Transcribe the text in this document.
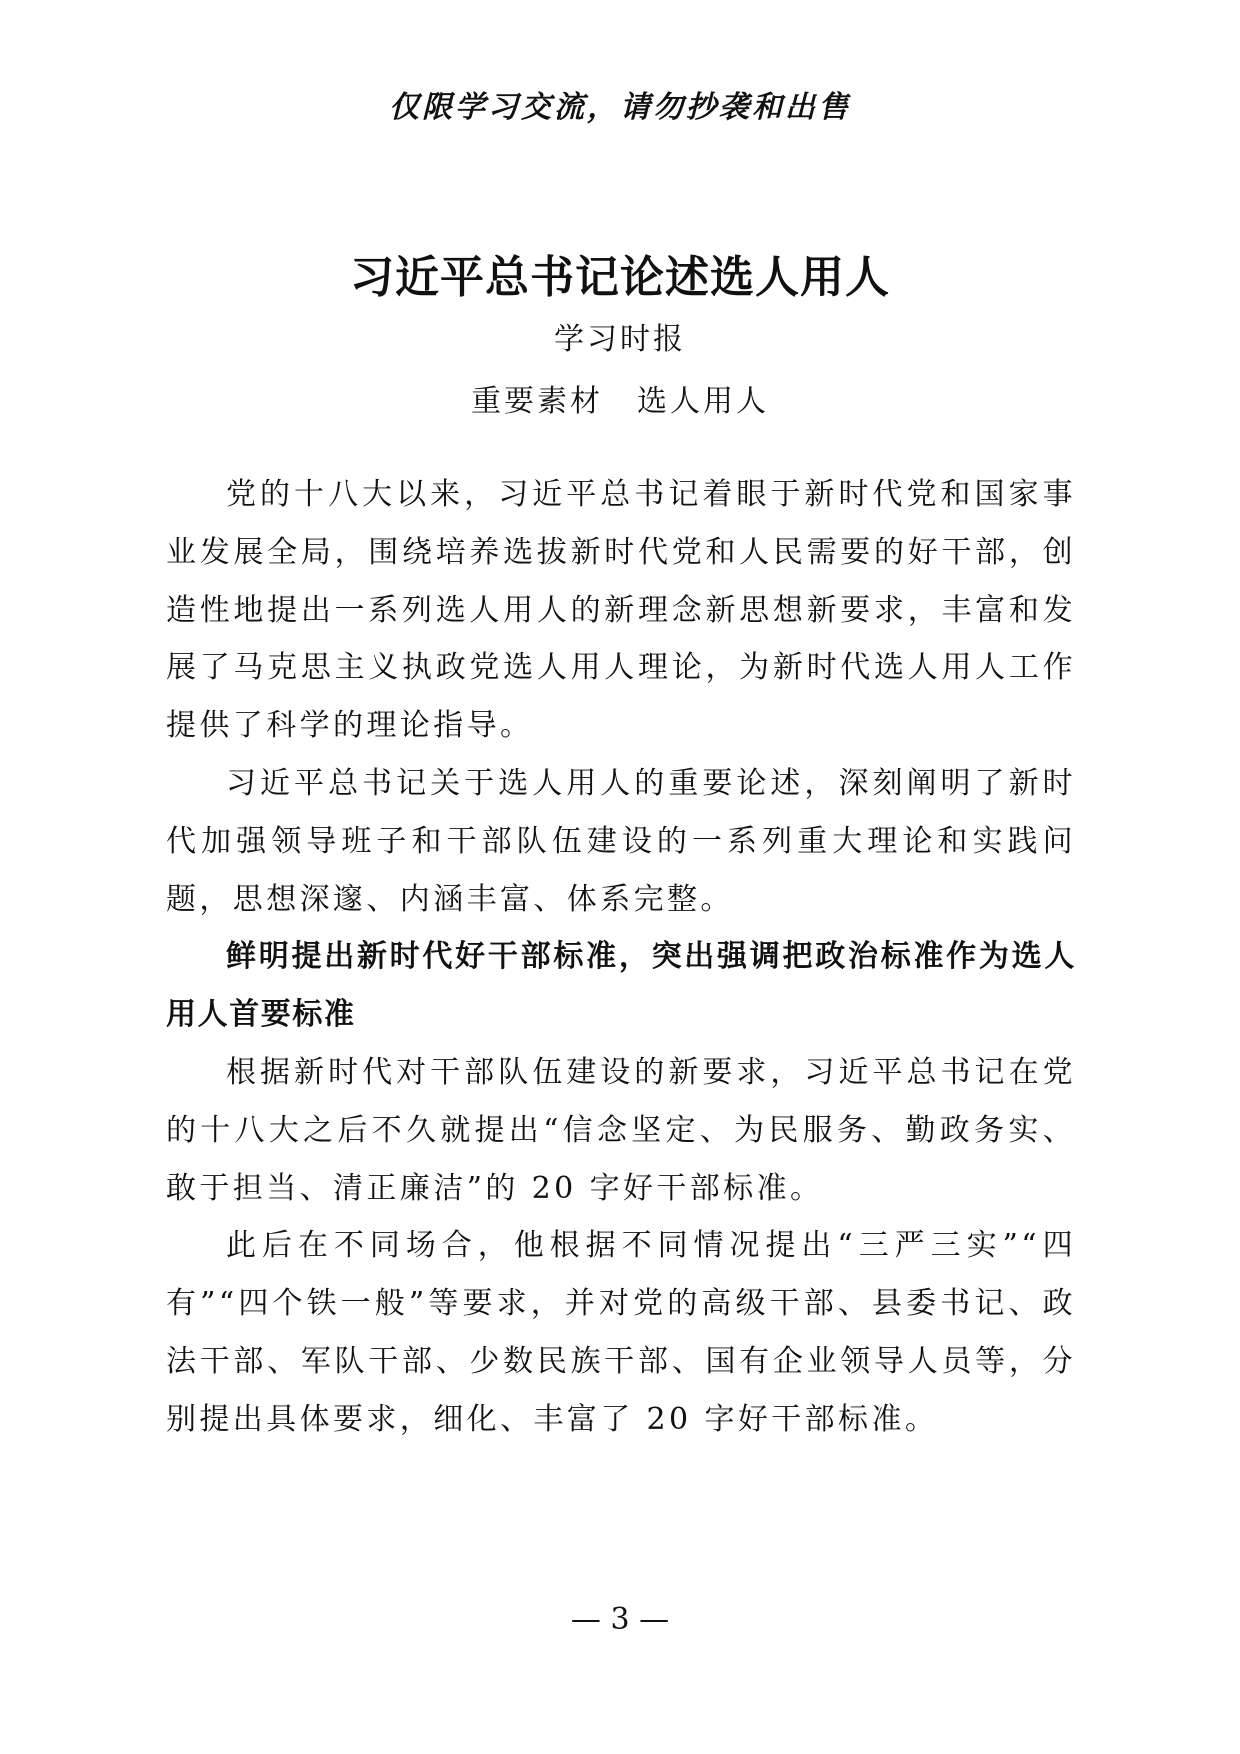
仅限学习交流，请勿抄袭和出售
习近平总书记论述选人用人
学习时报
重要素材 选人用人

党的十八大以来，习近平总书记着眼于新时代党和国家事业发展全局，围绕培养选拔新时代党和人民需要的好干部，创造性地提出一系列选人用人的新理念新思想新要求，丰富和发展了马克思主义执政党选人用人理论，为新时代选人用人工作提供了科学的理论指导。

习近平总书记关于选人用人的重要论述，深刻阐明了新时代加强领导班子和干部队伍建设的一系列重大理论和实践问题，思想深邃、内涵丰富、体系完整。

鲜明提出新时代好干部标准，突出强调把政治标准作为选人用人首要标准

根据新时代对干部队伍建设的新要求，习近平总书记在党的十八大之后不久就提出“信念坚定、为民服务、勤政务实、敢于担当、清正廉洁”的 20 字好干部标准。

此后在不同场合，他根据不同情况提出“三严三实”“四有”“四个铁一般”等要求，并对党的高级干部、县委书记、政法干部、军队干部、少数民族干部、国有企业领导人员等，分别提出具体要求，细化、丰富了 20 字好干部标准。

— 3 —
